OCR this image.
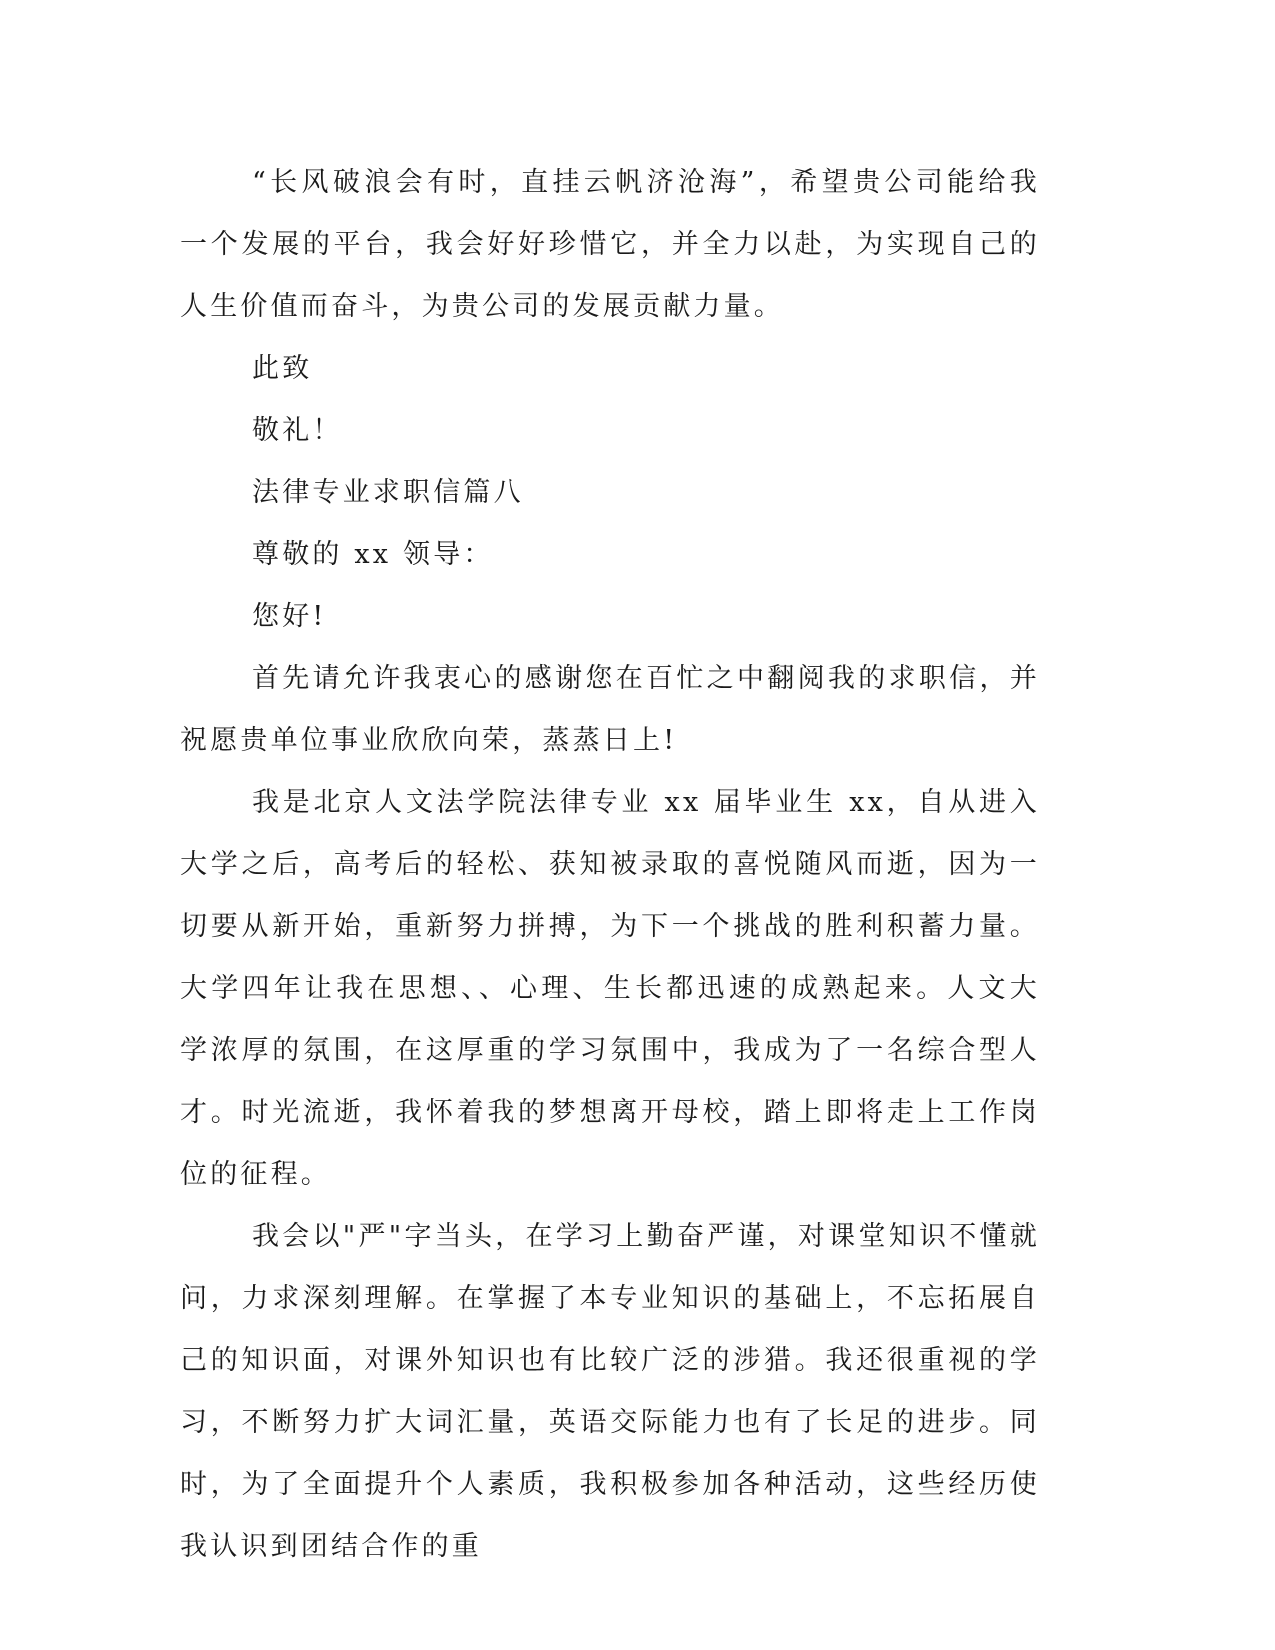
“长风破浪会有时，直挂云帆济沧海”，希望贵公司能给我一个发展的平台，我会好好珍惜它，并全力以赴，为实现自己的人生价值而奋斗，为贵公司的发展贡献力量。

此致

敬礼！

法律专业求职信篇八

尊敬的 xx 领导：

您好!

首先请允许我衷心的感谢您在百忙之中翻阅我的求职信，并祝愿贵单位事业欣欣向荣，蒸蒸日上!

我是北京人文法学院法律专业 xx 届毕业生 xx，自从进入大学之后，高考后的轻松、获知被录取的喜悦随风而逝，因为一切要从新开始，重新努力拼搏，为下一个挑战的胜利积蓄力量。大学四年让我在思想、、心理、生长都迅速的成熟起来。人文大学浓厚的氛围，在这厚重的学习氛围中，我成为了一名综合型人才。时光流逝，我怀着我的梦想离开母校，踏上即将走上工作岗位的征程。

我会以"严"字当头，在学习上勤奋严谨，对课堂知识不懂就问，力求深刻理解。在掌握了本专业知识的基础上，不忘拓展自己的知识面，对课外知识也有比较广泛的涉猎。我还很重视的学习，不断努力扩大词汇量，英语交际能力也有了长足的进步。同时，为了全面提升个人素质，我积极参加各种活动，这些经历使我认识到团结合作的重
